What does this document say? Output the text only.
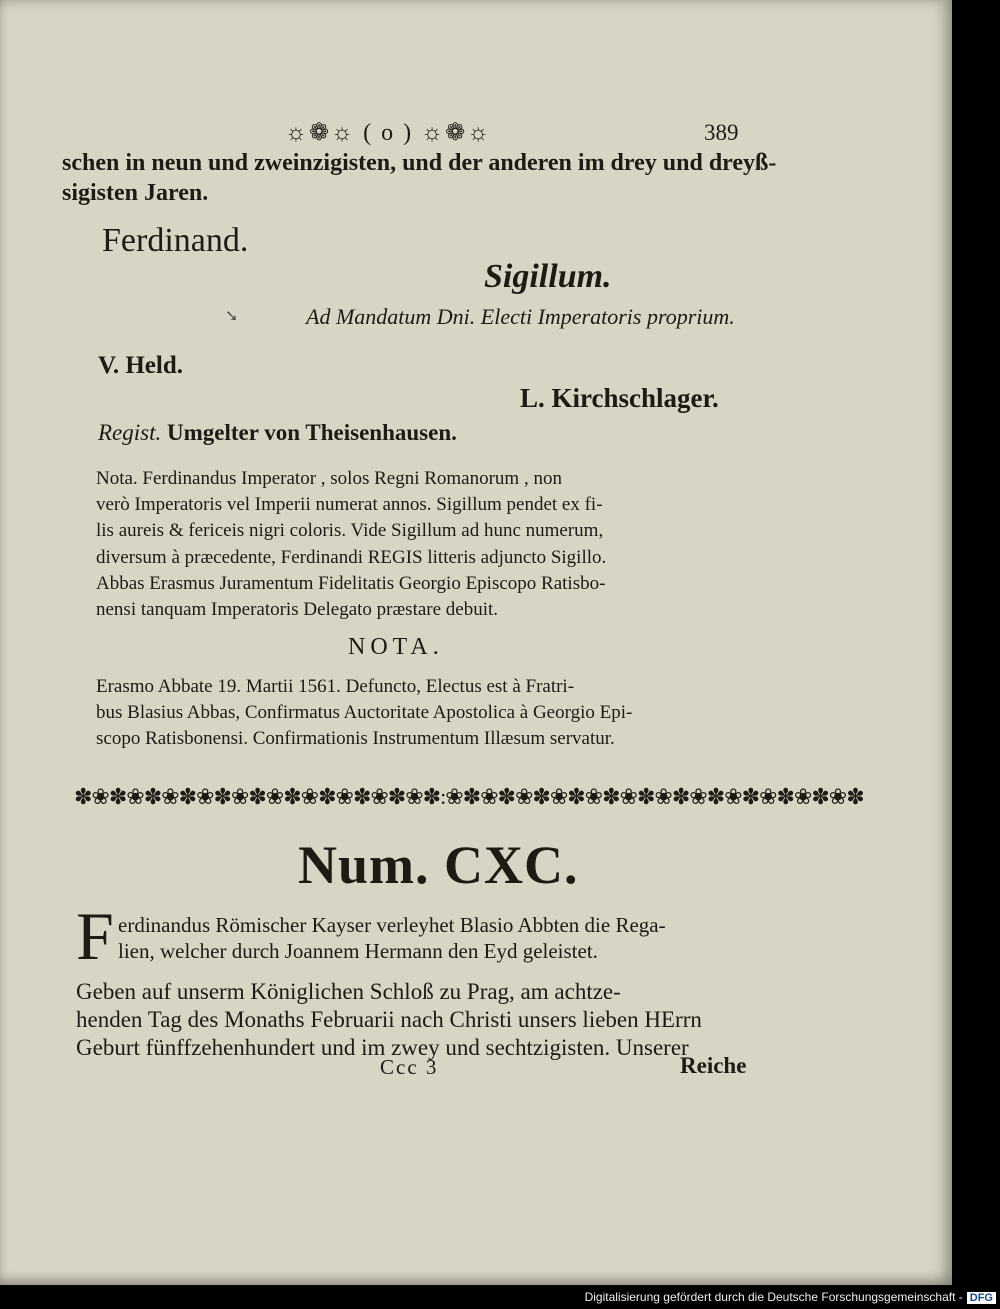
☼❁☼ ( o ) ☼❁☼	389
schen in neun und zweinzigisten, und der anderen im drey und dreyß-
sigisten Jaren.
Ferdinand.
Sigillum.
➘	Ad Mandatum Dni. Electi Imperatoris proprium.
V. Held.
L. Kirchschlager.
Regist. Umgelter von Theisenhausen.
Nota. Ferdinandus Imperator , solos Regni Romanorum , non
verò Imperatoris vel Imperii numerat annos. Sigillum pendet ex fi-
lis aureis & fericeis nigri coloris. Vide Sigillum ad hunc numerum,
diversum à præcedente, Ferdinandi REGIS litteris adjuncto Sigillo.
Abbas Erasmus Juramentum Fidelitatis Georgio Episcopo Ratisbo-
nensi tanquam Imperatoris Delegato præstare debuit.
NOTA.
Erasmo Abbate 19. Martii 1561. Defuncto, Electus est à Fratri-
bus Blasius Abbas, Confirmatus Auctoritate Apostolica à Georgio Epi-
scopo Ratisbonensi. Confirmationis Instrumentum Illæsum servatur.
✽❀✽❀✽❀✽❀✽❀✽❀✽❀✽❀✽❀✽❀✽:❀✽❀✽❀✽❀✽❀✽❀✽❀✽❀✽❀✽❀✽❀✽❀✽
Num. CXC.
F erdinandus Römischer Kayser verleyhet Blasio Abbten die Rega-
lien, welcher durch Joannem Hermann den Eyd geleistet.
Geben auf unserm Königlichen Schloß zu Prag, am achtze-
henden Tag des Monaths Februarii nach Christi unsers lieben HErrn
Geburt fünffzehenhundert und im zwey und sechtzigisten. Unserer
Ccc 3	Reiche
Digitalisierung gefördert durch die Deutsche Forschungsgemeinschaft - DFG
